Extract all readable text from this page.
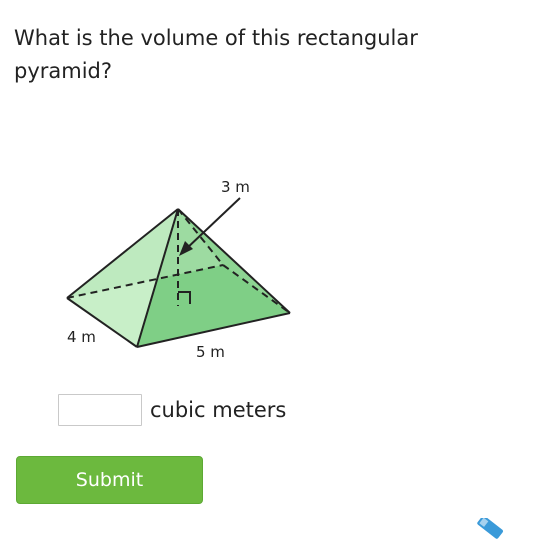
What is the volume of this rectangular pyramid?
3 m
4 m
5 m
cubic meters
Submit
